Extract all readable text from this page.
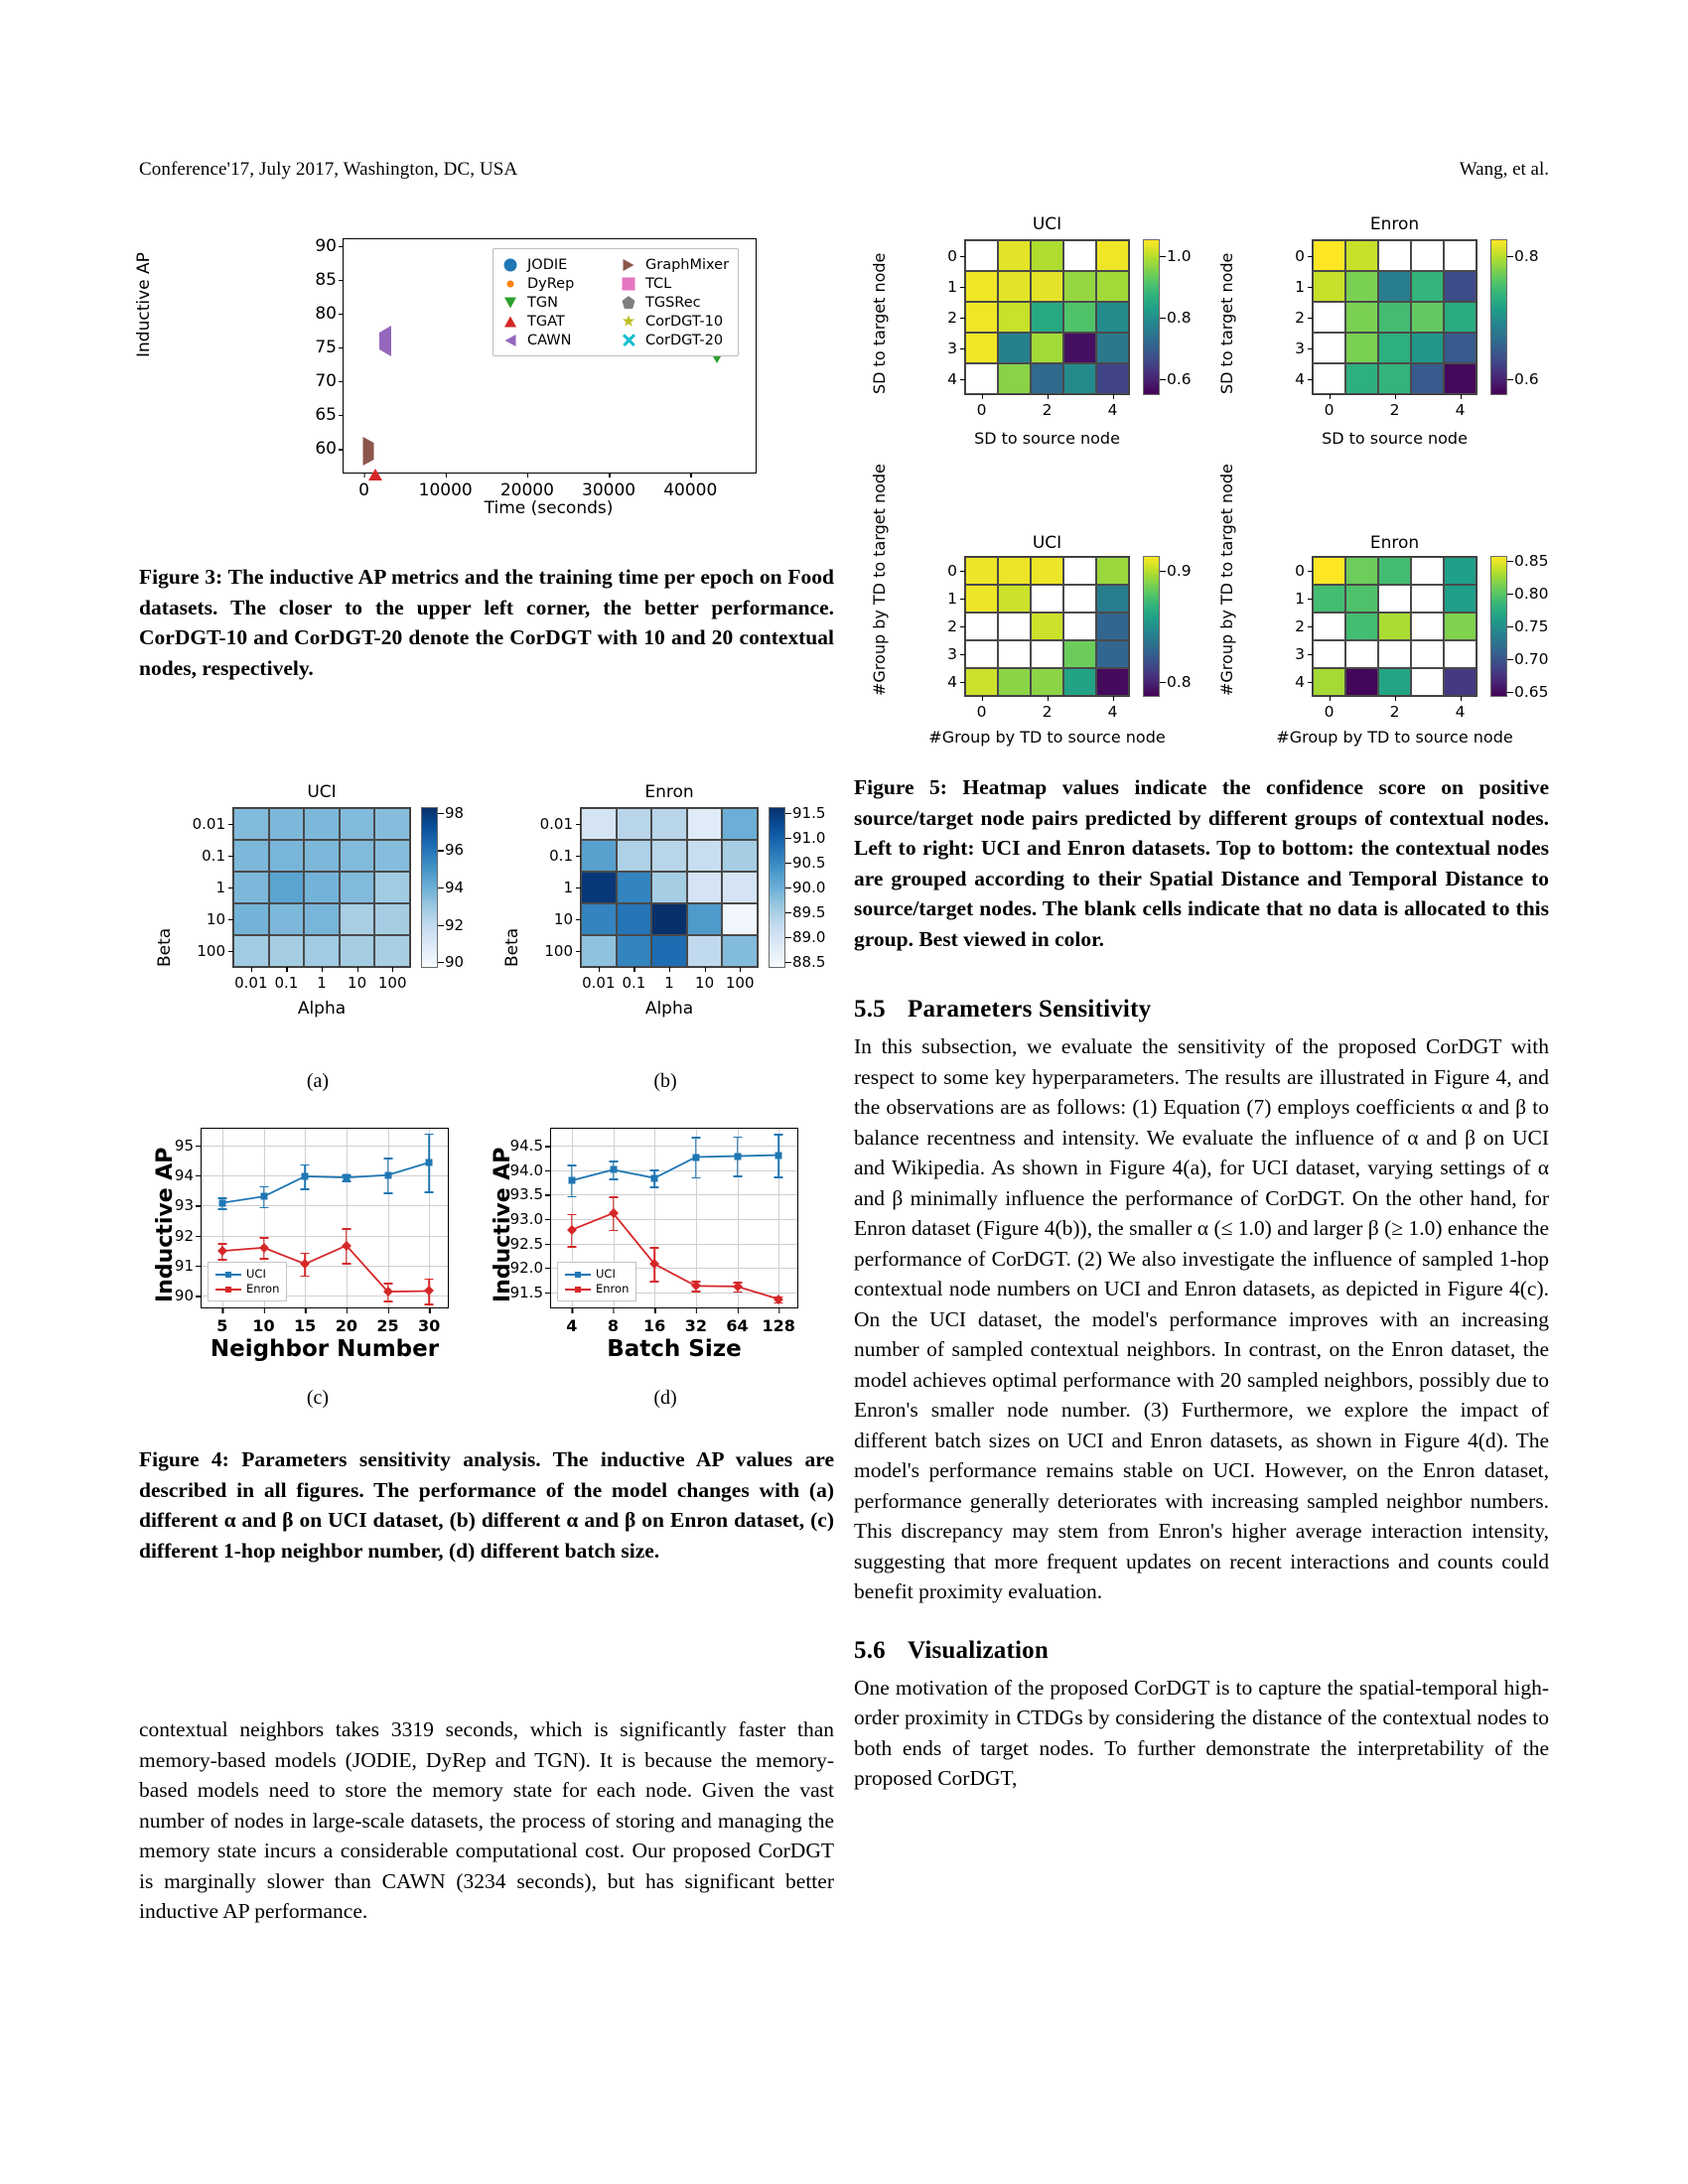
Conference'17, July 2017, Washington, DC, USA	Wang, et al.
Inductive AP
Time (seconds)
60
65
70
75
80
85
90
0	10000 20000 30000 40000
JODIE	GraphMixer
DyRep	TCL
TGN	TGSRec
TGAT	CorDGT-10
CAWN	CorDGT-20
Figure 3: The inductive AP metrics and the training time per epoch on Food datasets. The closer to the upper left corner, the better performance. CorDGT-10 and CorDGT-20 denote the CorDGT with 10 and 20 contextual nodes, respectively.
UCI
0.01
0.1
1
10
100
0.01 0.1 1 10 100
Beta
Alpha
98
96
94
92
90
Enron
0.01
0.1
1
10
100
0.01 0.1 1 10 100
Beta
Alpha
91.5
91.0
90.5
90.0
89.5
89.0
88.5
(a)	(b)
90
91
92
93
94
95
5 10 15 20 25 30
UCI
Enron
Inductive AP
Neighbor Number
91.5
92.0
92.5
93.0
93.5
94.0
94.5
4 8 16 32 64 128
UCI
Enron
Inductive AP
Batch Size
(c)	(d)
Figure 4: Parameters sensitivity analysis. The inductive AP values are described in all figures. The performance of the model changes with (a) different α and β on UCI dataset, (b) different α and β on Enron dataset, (c) different 1-hop neighbor number, (d) different batch size.
contextual neighbors takes 3319 seconds, which is significantly faster than memory-based models (JODIE, DyRep and TGN). It is because the memory-based models need to store the memory state for each node. Given the vast number of nodes in large-scale datasets, the process of storing and managing the memory state incurs a considerable computational cost. Our proposed CorDGT is marginally slower than CAWN (3234 seconds), but has significant better inductive AP performance.
UCI
0
1
2
3
4
0	2	4
SD to target node
SD to source node
1.0
0.8
0.6
Enron
0
1
2
3
4
0	2	4
SD to target node
SD to source node
0.8
0.6
UCI
0
1
2
3
4
0	2	4
#Group by TD to target node
#Group by TD to source node
0.9
0.8
Enron
0
1
2
3
4
0	2	4
#Group by TD to target node
#Group by TD to source node
0.85
0.80
0.75
0.70
0.65
Figure 5: Heatmap values indicate the confidence score on positive source/target node pairs predicted by different groups of contextual nodes. Left to right: UCI and Enron datasets. Top to bottom: the contextual nodes are grouped according to their Spatial Distance and Temporal Distance to source/target nodes. The blank cells indicate that no data is allocated to this group. Best viewed in color.
5.5 Parameters Sensitivity
In this subsection, we evaluate the sensitivity of the proposed CorDGT with respect to some key hyperparameters. The results are illustrated in Figure 4, and the observations are as follows: (1) Equation (7) employs coefficients α and β to balance recentness and intensity. We evaluate the influence of α and β on UCI and Wikipedia. As shown in Figure 4(a), for UCI dataset, varying settings of α and β minimally influence the performance of CorDGT. On the other hand, for Enron dataset (Figure 4(b)), the smaller α (≤ 1.0) and larger β (≥ 1.0) enhance the performance of CorDGT. (2) We also investigate the influence of sampled 1-hop contextual node numbers on UCI and Enron datasets, as depicted in Figure 4(c). On the UCI dataset, the model's performance improves with an increasing number of sampled contextual neighbors. In contrast, on the Enron dataset, the model achieves optimal performance with 20 sampled neighbors, possibly due to Enron's smaller node number. (3) Furthermore, we explore the impact of different batch sizes on UCI and Enron datasets, as shown in Figure 4(d). The model's performance remains stable on UCI. However, on the Enron dataset, performance generally deteriorates with increasing sampled neighbor numbers. This discrepancy may stem from Enron's higher average interaction intensity, suggesting that more frequent updates on recent interactions and counts could benefit proximity evaluation.
5.6 Visualization
One motivation of the proposed CorDGT is to capture the spatial-temporal high-order proximity in CTDGs by considering the distance of the contextual nodes to both ends of target nodes. To further demonstrate the interpretability of the proposed CorDGT,
